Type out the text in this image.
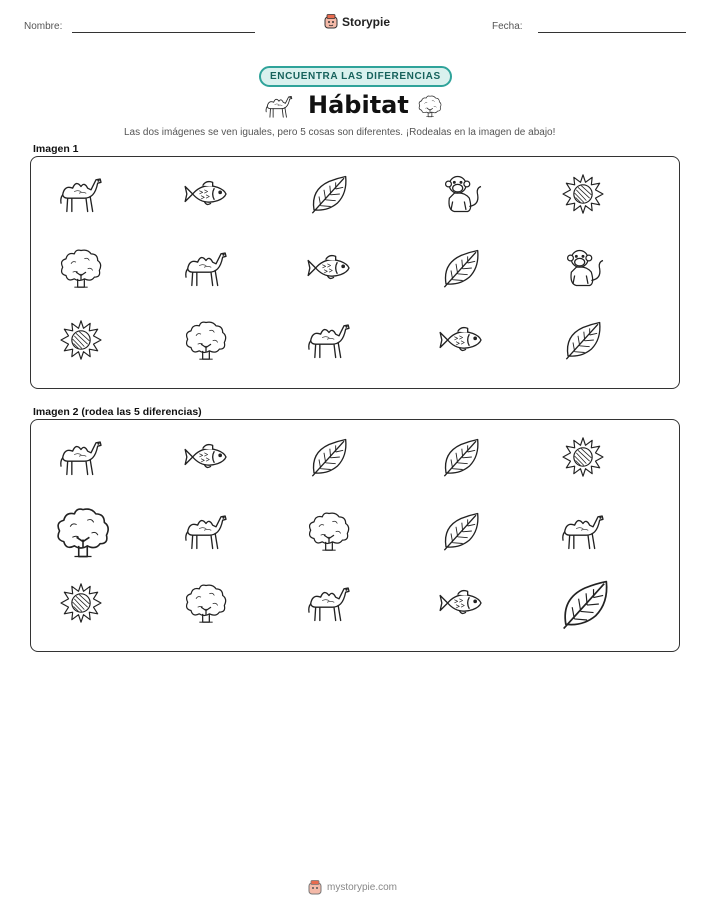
Nombre:	Storypie	Fecha:
ENCUENTRA LAS DIFERENCIAS
Hábitat
Las dos imágenes se ven iguales, pero 5 cosas son diferentes. ¡Rodealas en la imagen de abajo!
Imagen 1
Imagen 2 (rodea las 5 diferencias)
mystorypie.com
